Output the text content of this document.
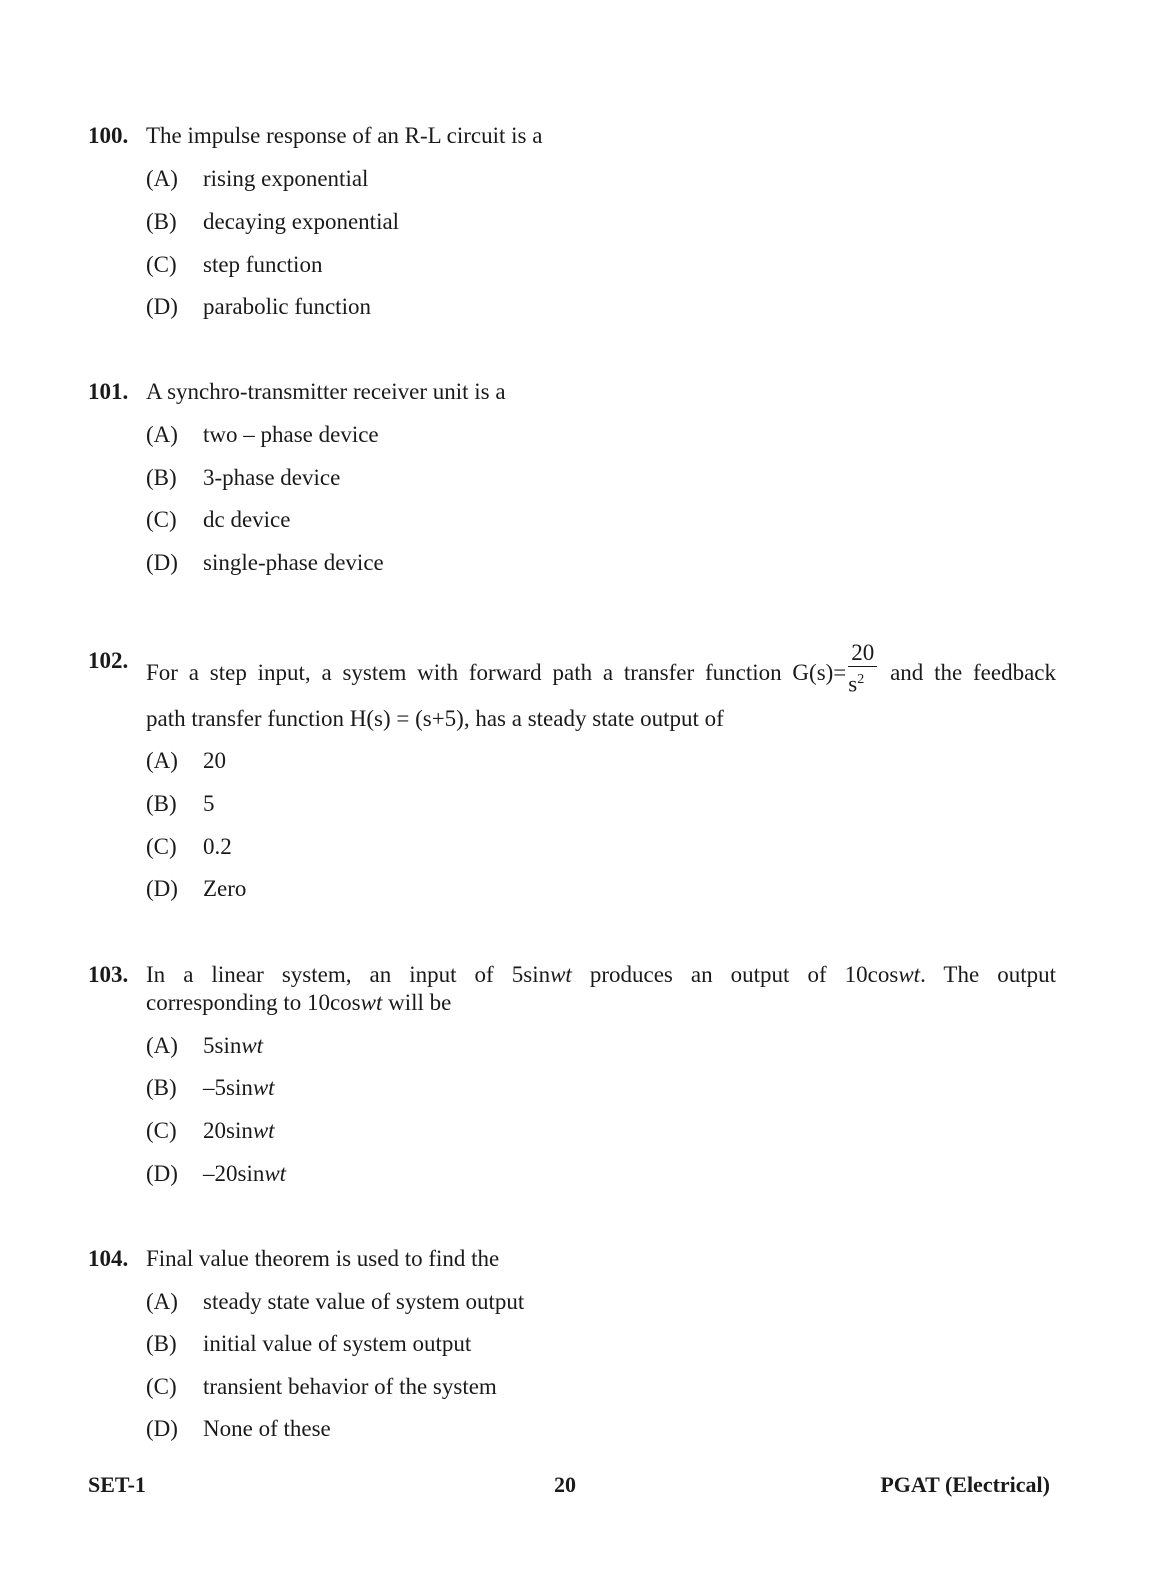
100. The impulse response of an R-L circuit is a
(A) rising exponential
(B) decaying exponential
(C) step function
(D) parabolic function
101. A synchro-transmitter receiver unit is a
(A) two – phase device
(B) 3-phase device
(C) dc device
(D) single-phase device
102. For a step input, a system with forward path a transfer function $G(s)= \frac{20}{s^2}$ and the feedback
path transfer function H(s) = (s+5), has a steady state output of
(A) 20
(B) 5
(C) 0.2
(D) Zero
103. In a linear system, an input of 5sinwt produces an output of 10coswt. The output
corresponding to 10coswt will be
(A) 5sinwt
(B) –5sinwt
(C) 20sinwt
(D) –20sinwt
104. Final value theorem is used to find the
(A) steady state value of system output
(B) initial value of system output
(C) transient behavior of the system
(D) None of these
SET-1	20	PGAT (Electrical)
